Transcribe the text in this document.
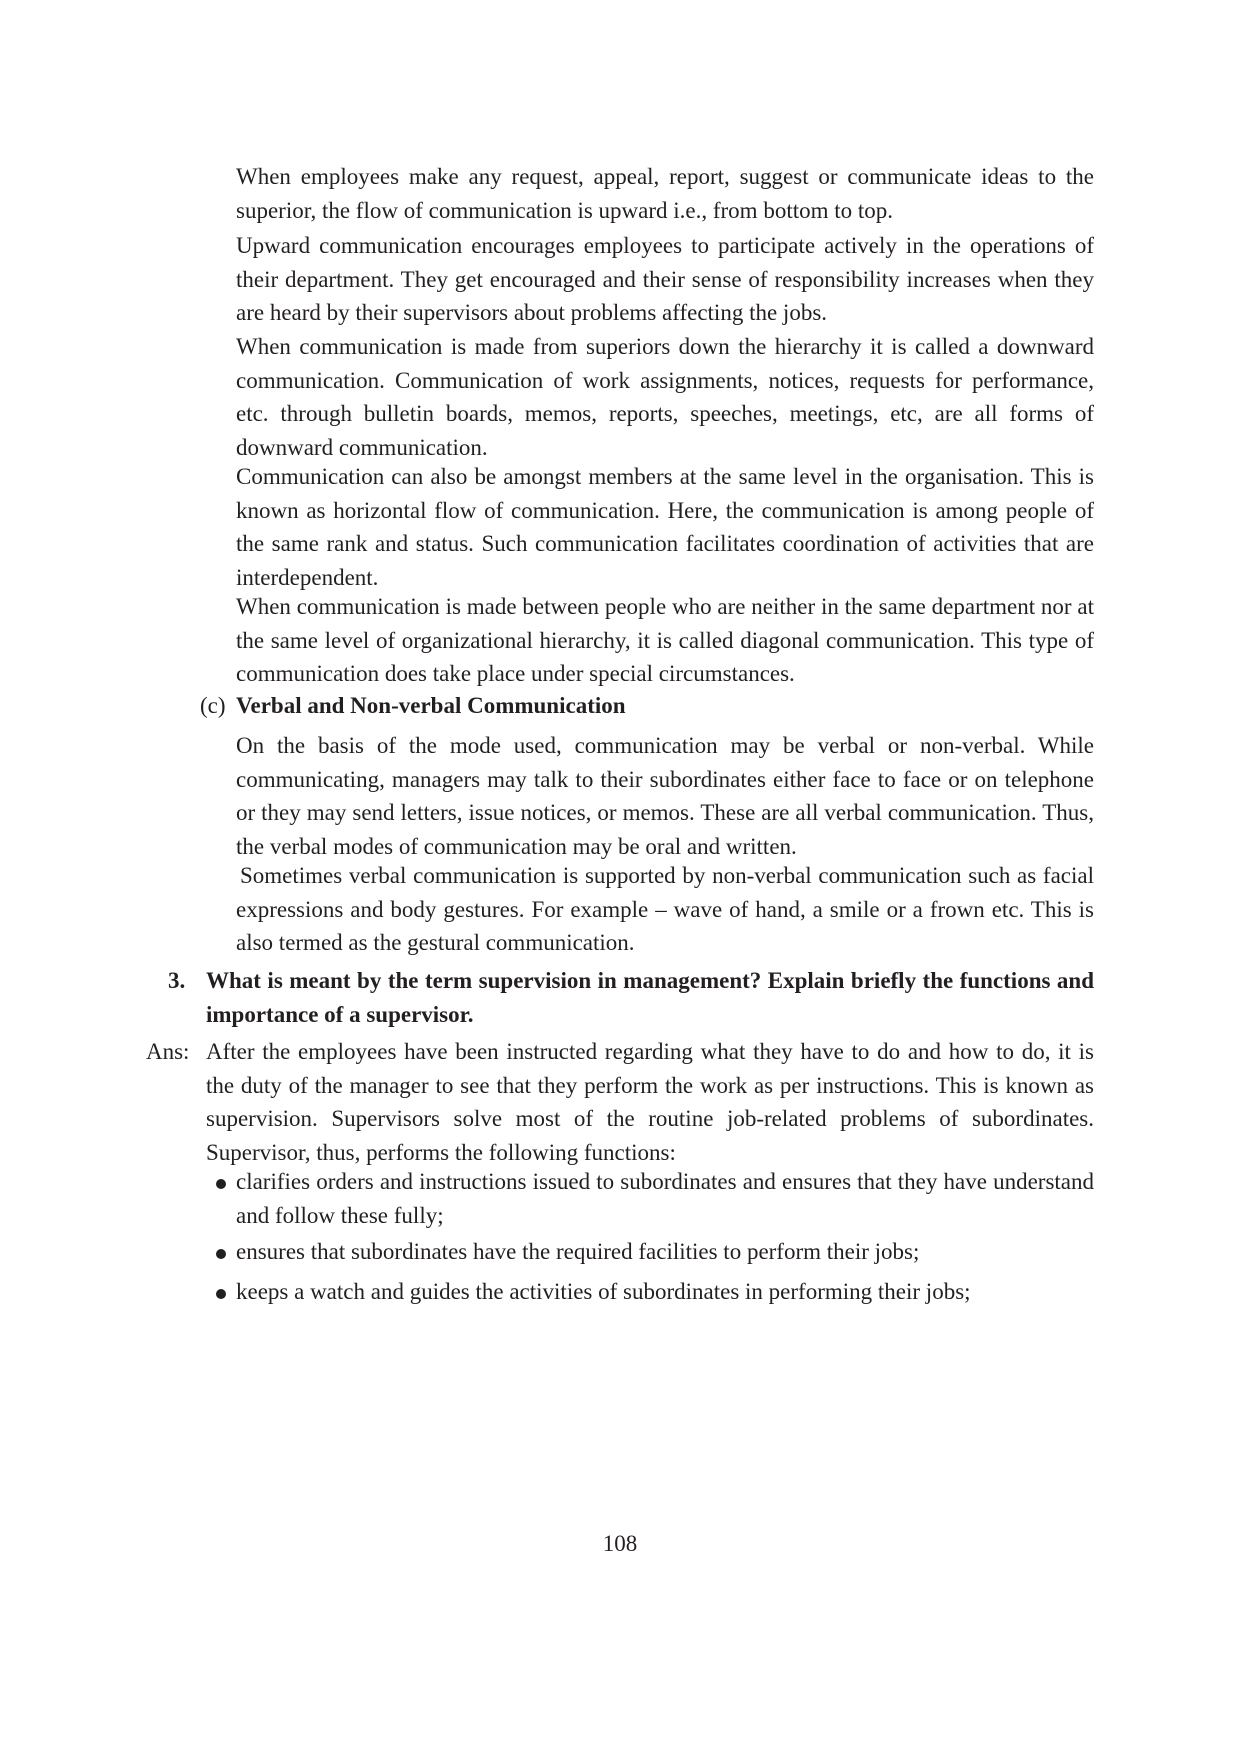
When employees make any request, appeal, report, suggest or communicate ideas to the superior, the flow of communication is upward i.e., from bottom to top.

Upward communication encourages employees to participate actively in the operations of their department. They get encouraged and their sense of responsibility increases when they are heard by their supervisors about problems affecting the jobs.

When communication is made from superiors down the hierarchy it is called a downward communication. Communication of work assignments, notices, requests for performance, etc. through bulletin boards, memos, reports, speeches, meetings, etc, are all forms of downward communication.

Communication can also be amongst members at the same level in the organisation. This is known as horizontal flow of communication. Here, the communication is among people of the same rank and status. Such communication facilitates coordination of activities that are interdependent.

When communication is made between people who are neither in the same department nor at the same level of organizational hierarchy, it is called diagonal communication. This type of communication does take place under special circumstances.

(c) Verbal and Non-verbal Communication

On the basis of the mode used, communication may be verbal or non-verbal. While communicating, managers may talk to their subordinates either face to face or on telephone or they may send letters, issue notices, or memos. These are all verbal communication. Thus, the verbal modes of communication may be oral and written.

Sometimes verbal communication is supported by non-verbal communication such as facial expressions and body gestures. For example – wave of hand, a smile or a frown etc. This is also termed as the gestural communication.

3. What is meant by the term supervision in management? Explain briefly the functions and importance of a supervisor.
Ans: After the employees have been instructed regarding what they have to do and how to do, it is the duty of the manager to see that they perform the work as per instructions. This is known as supervision. Supervisors solve most of the routine job-related problems of subordinates. Supervisor, thus, performs the following functions:
clarifies orders and instructions issued to subordinates and ensures that they have understand and follow these fully;
ensures that subordinates have the required facilities to perform their jobs;
keeps a watch and guides the activities of subordinates in performing their jobs;
108
